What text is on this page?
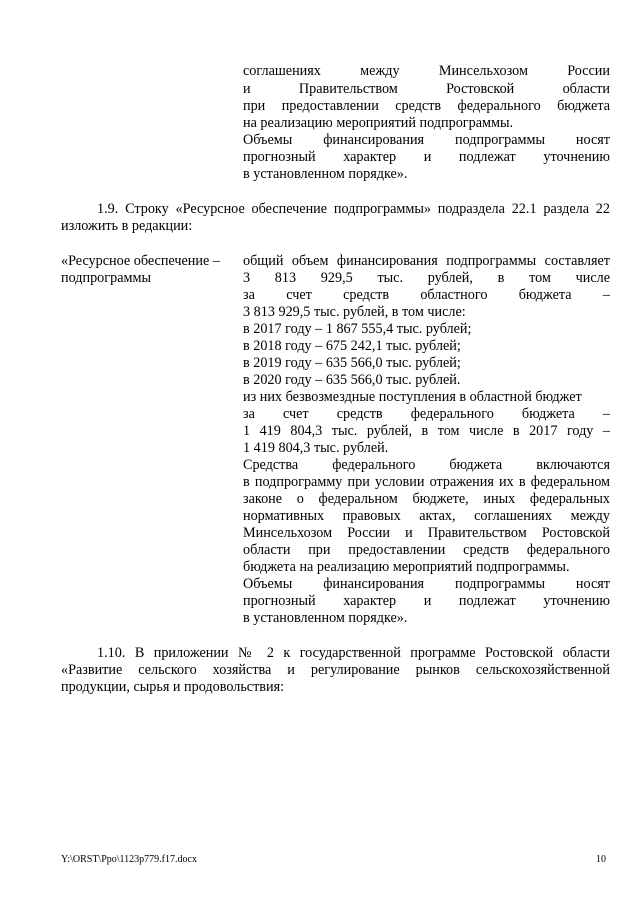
соглашениях между Минсельхозом России
и Правительством Ростовской области
при предоставлении средств федерального бюджета
на реализацию мероприятий подпрограммы.
Объемы финансирования подпрограммы носят
прогнозный характер и подлежат уточнению
в установленном порядке».
1.9. Строку «Ресурсное обеспечение подпрограммы» подраздела 22.1 раздела 22
изложить в редакции:
«Ресурсное обеспечение –
подпрограммы
общий объем финансирования подпрограммы составляет
3 813 929,5 тыс. рублей, в том числе
за счет средств областного бюджета –
3 813 929,5 тыс. рублей, в том числе:
в 2017 году – 1 867 555,4 тыс. рублей;
в 2018 году – 675 242,1 тыс. рублей;
в 2019 году – 635 566,0 тыс. рублей;
в 2020 году – 635 566,0 тыс. рублей.
из них безвозмездные поступления в областной бюджет
за счет средств федерального бюджета –
1 419 804,3 тыс. рублей, в том числе в 2017 году –
1 419 804,3 тыс. рублей.
Средства федерального бюджета включаются
в подпрограмму при условии отражения их в федеральном
законе о федеральном бюджете, иных федеральных
нормативных правовых актах, соглашениях между
Минсельхозом России и Правительством Ростовской
области при предоставлении средств федерального
бюджета на реализацию мероприятий подпрограммы.
Объемы финансирования подпрограммы носят
прогнозный характер и подлежат уточнению
в установленном порядке».
1.10. В приложении № 2 к государственной программе Ростовской области
«Развитие сельского хозяйства и регулирование рынков сельскохозяйственной
продукции, сырья и продовольствия:
Y:\ORST\Ppo\1123p779.f17.docx	10
